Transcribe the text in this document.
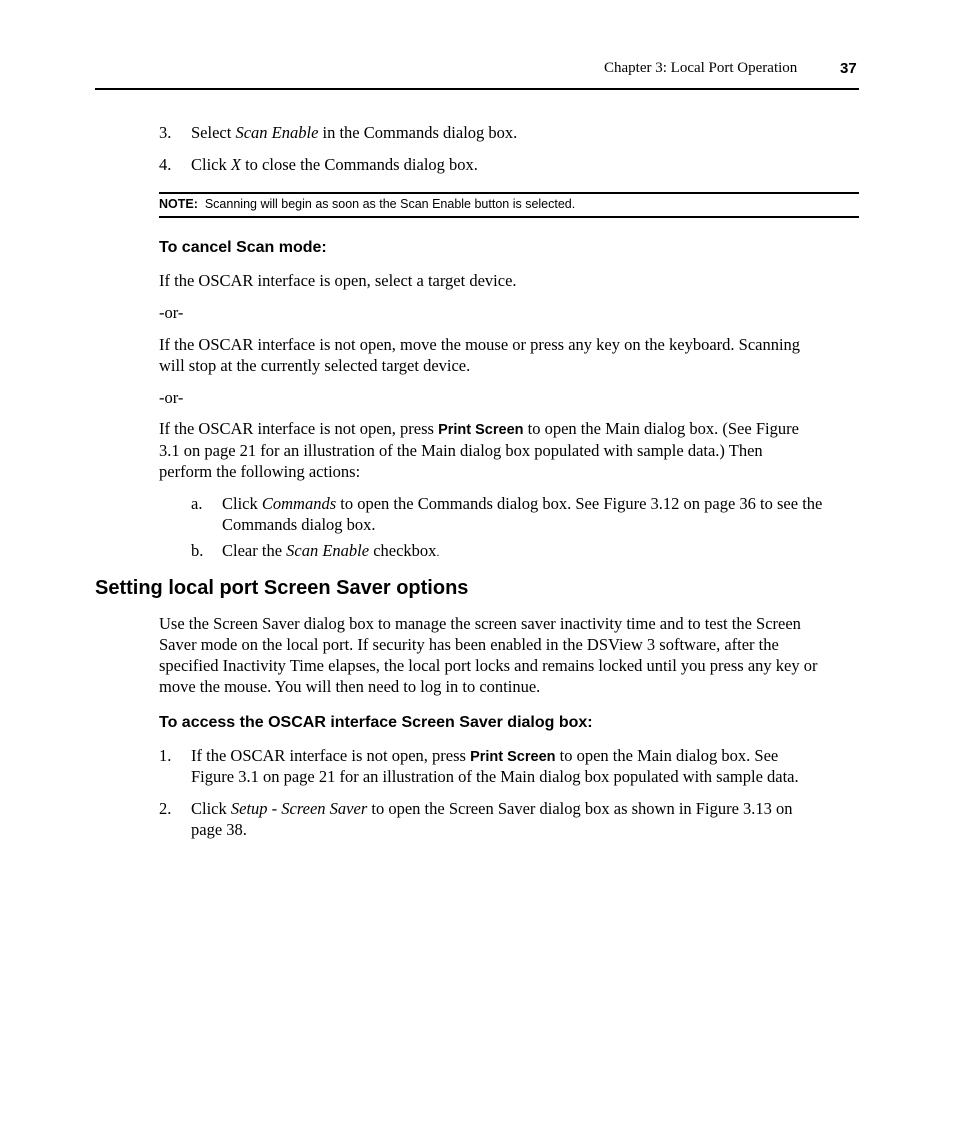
Chapter 3: Local Port Operation	37
3. Select Scan Enable in the Commands dialog box.

4. Click X to close the Commands dialog box.

NOTE: Scanning will begin as soon as the Scan Enable button is selected.
To cancel Scan mode:

If the OSCAR interface is open, select a target device.

-or-

If the OSCAR interface is not open, move the mouse or press any key on the keyboard. Scanning

will stop at the currently selected target device.

-or-

If the OSCAR interface is not open, press Print Screen to open the Main dialog box. (See Figure

3.1 on page 21 for an illustration of the Main dialog box populated with sample data.) Then

perform the following actions:

a. Click Commands to open the Commands dialog box. See Figure 3.12 on page 36 to see the

Commands dialog box.

b. Clear the Scan Enable checkbox.

Setting local port Screen Saver options

Use the Screen Saver dialog box to manage the screen saver inactivity time and to test the Screen

Saver mode on the local port. If security has been enabled in the DSView 3 software, after the

specified Inactivity Time elapses, the local port locks and remains locked until you press any key or

move the mouse. You will then need to log in to continue.

To access the OSCAR interface Screen Saver dialog box:
1. If the OSCAR interface is not open, press Print Screen to open the Main dialog box. See

Figure 3.1 on page 21 for an illustration of the Main dialog box populated with sample data.

2. Click Setup - Screen Saver to open the Screen Saver dialog box as shown in Figure 3.13 on

page 38.
